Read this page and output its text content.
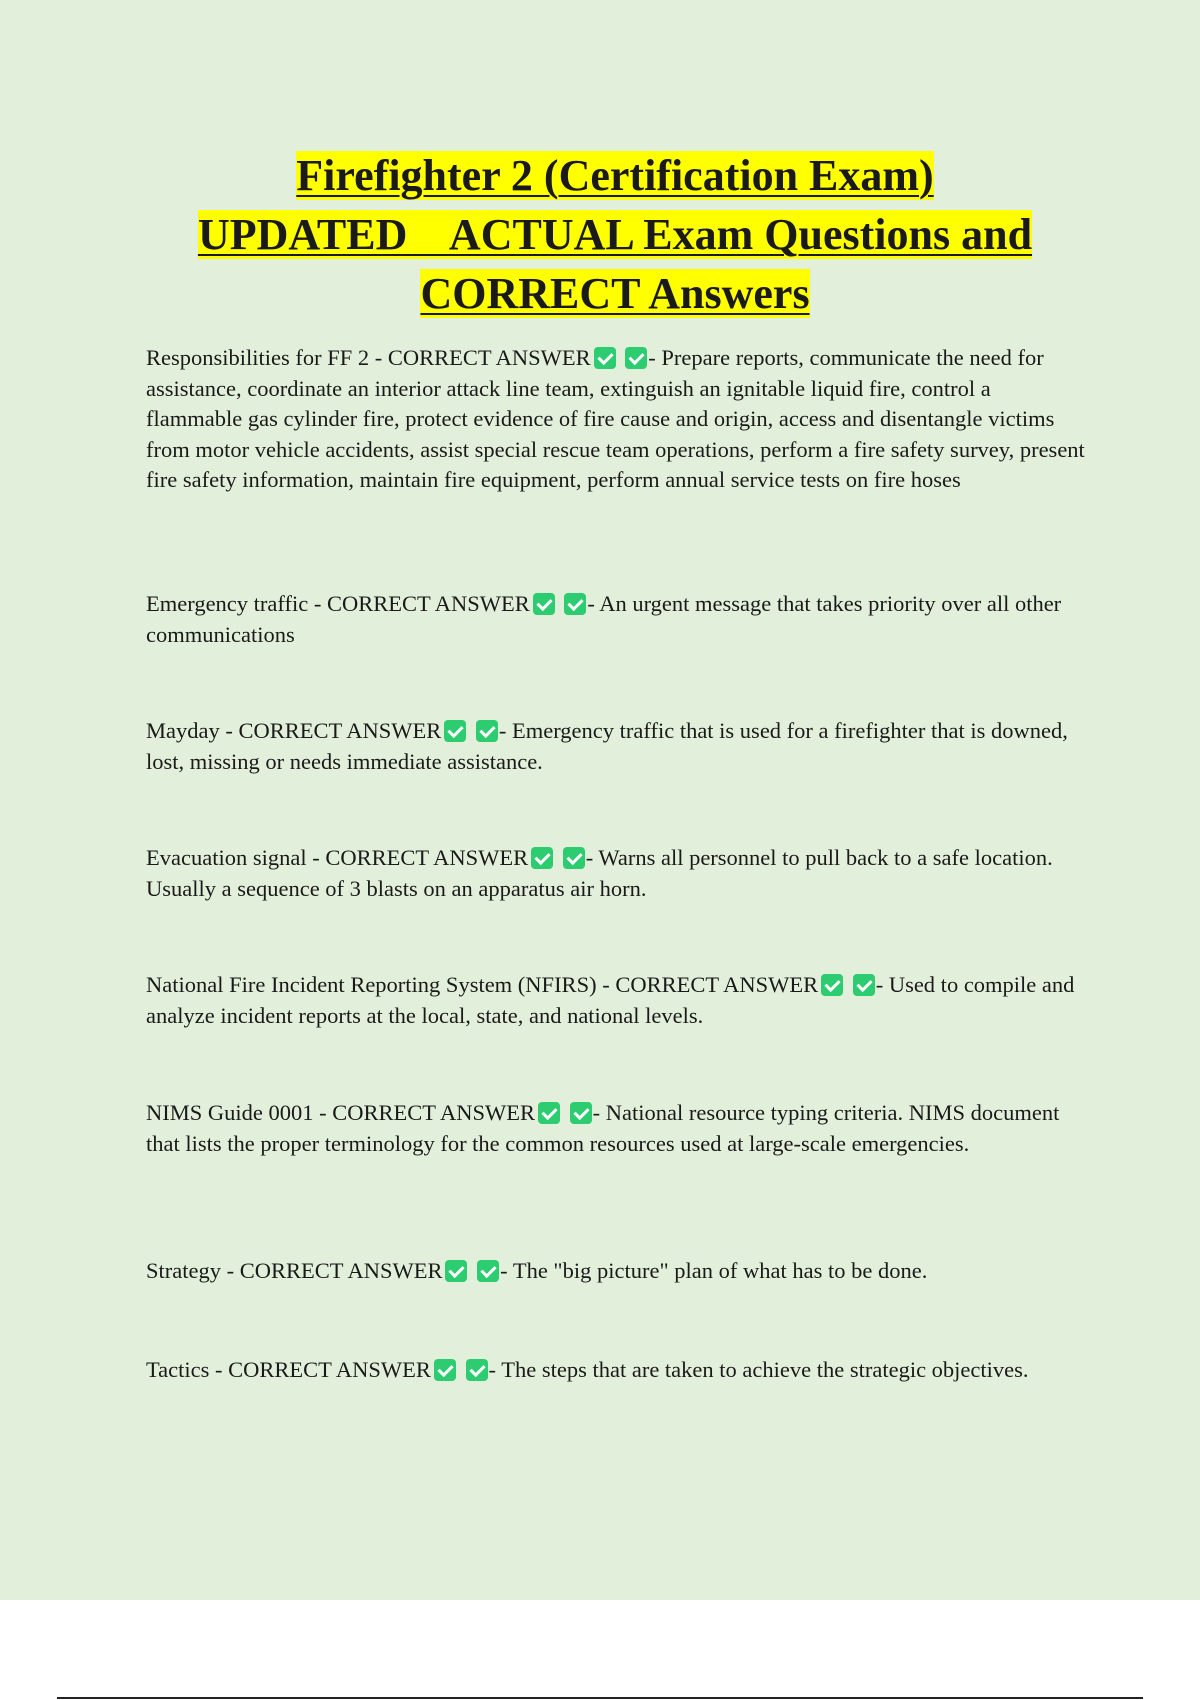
Firefighter 2 (Certification Exam)
UPDATED    ACTUAL Exam Questions and
CORRECT Answers

Responsibilities for FF 2 - CORRECT ANSWER	- Prepare reports, communicate the need for assistance, coordinate an interior attack line team, extinguish an ignitable liquid fire, control a flammable gas cylinder fire, protect evidence of fire cause and origin, access and disentangle victims from motor vehicle accidents, assist special rescue team operations, perform a fire safety survey, present fire safety information, maintain fire equipment, perform annual service tests on fire hoses

Emergency traffic - CORRECT ANSWER	- An urgent message that takes priority over all other communications

Mayday - CORRECT ANSWER	- Emergency traffic that is used for a firefighter that is downed, lost, missing or needs immediate assistance.

Evacuation signal - CORRECT ANSWER	- Warns all personnel to pull back to a safe location. Usually a sequence of 3 blasts on an apparatus air horn.

National Fire Incident Reporting System (NFIRS) - CORRECT ANSWER	- Used to compile and analyze incident reports at the local, state, and national levels.

NIMS Guide 0001 - CORRECT ANSWER	- National resource typing criteria. NIMS document that lists the proper terminology for the common resources used at large-scale emergencies.

Strategy - CORRECT ANSWER	- The "big picture" plan of what has to be done.

Tactics - CORRECT ANSWER	- The steps that are taken to achieve the strategic objectives.
